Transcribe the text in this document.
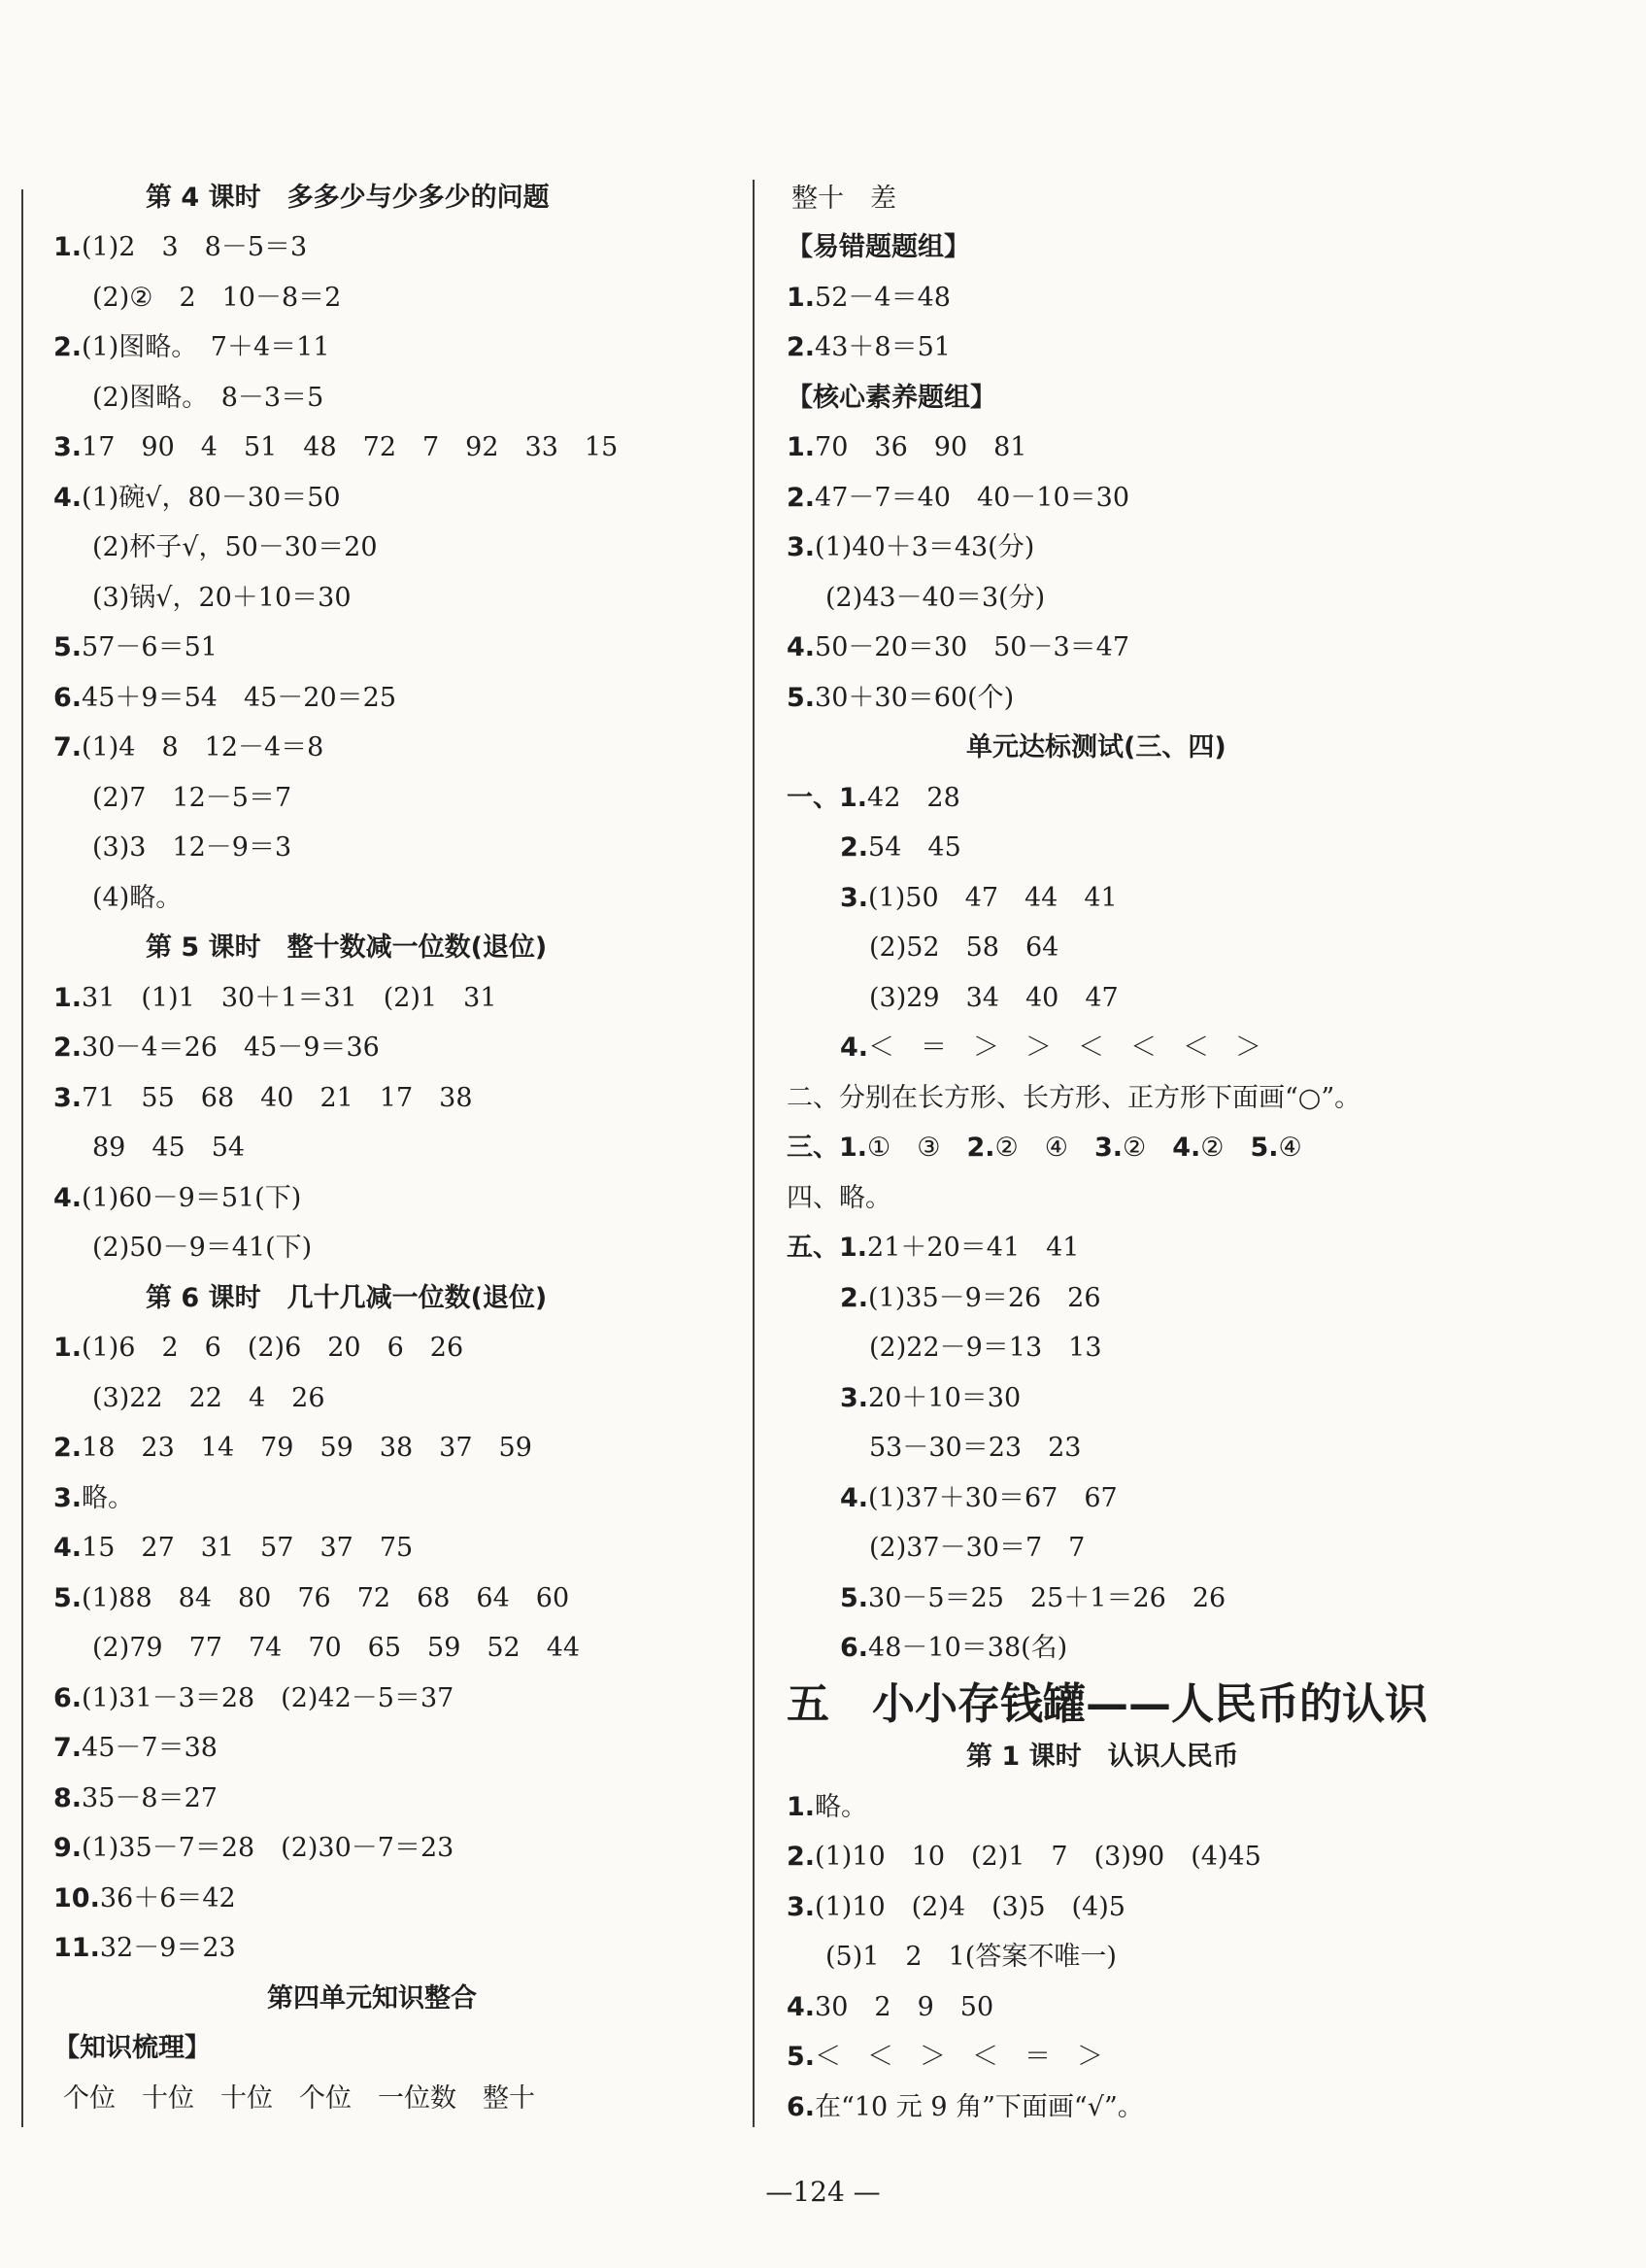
第 4 课时　多多少与少多少的问题
1.(1)2　3　8－5＝3
(2)②　2　10－8＝2
2.(1)图略。　7＋4＝11
(2)图略。　8－3＝5
3.17　90　4　51　48　72　7　92　33　15
4.(1)碗√，80－30＝50
(2)杯子√，50－30＝20
(3)锅√，20＋10＝30
5.57－6＝51
6.45＋9＝54　45－20＝25
7.(1)4　8　12－4＝8
(2)7　12－5＝7
(3)3　12－9＝3
(4)略。
第 5 课时　整十数减一位数(退位)
1.31　(1)1　30＋1＝31　(2)1　31
2.30－4＝26　45－9＝36
3.71　55　68　40　21　17　38
89　45　54
4.(1)60－9＝51(下)
(2)50－9＝41(下)
第 6 课时　几十几减一位数(退位)
1.(1)6　2　6　(2)6　20　6　26
(3)22　22　4　26
2.18　23　14　79　59　38　37　59
3.略。
4.15　27　31　57　37　75
5.(1)88　84　80　76　72　68　64　60
(2)79　77　74　70　65　59　52　44
6.(1)31－3＝28　(2)42－5＝37
7.45－7＝38
8.35－8＝27
9.(1)35－7＝28　(2)30－7＝23
10.36＋6＝42
11.32－9＝23
第四单元知识整合
【知识梳理】
个位　十位　十位　个位　一位数　整十
整十　差
【易错题题组】
1.52－4＝48
2.43＋8＝51
【核心素养题组】
1.70　36　90　81
2.47－7＝40　40－10＝30
3.(1)40＋3＝43(分)
(2)43－40＝3(分)
4.50－20＝30　50－3＝47
5.30＋30＝60(个)
单元达标测试(三、四)
一、1.42　28
2.54　45
3.(1)50　47　44　41
(2)52　58　64
(3)29　34　40　47
4.＜　＝　＞　＞　＜　＜　＜　＞
二、分别在长方形、长方形、正方形下面画“○”。
三、1.①　③　2.②　④　3.②　4.②　5.④
四、略。
五、1.21＋20＝41　41
2.(1)35－9＝26　26
(2)22－9＝13　13
3.20＋10＝30
53－30＝23　23
4.(1)37＋30＝67　67
(2)37－30＝7　7
5.30－5＝25　25＋1＝26　26
6.48－10＝38(名)
五　小小存钱罐——人民币的认识
第 1 课时　认识人民币
1.略。
2.(1)10　10　(2)1　7　(3)90　(4)45
3.(1)10　(2)4　(3)5　(4)5
(5)1　2　1(答案不唯一)
4.30　2　9　50
5.＜　＜　＞　＜　＝　＞
6.在“10 元 9 角”下面画“√”。
—124 —
